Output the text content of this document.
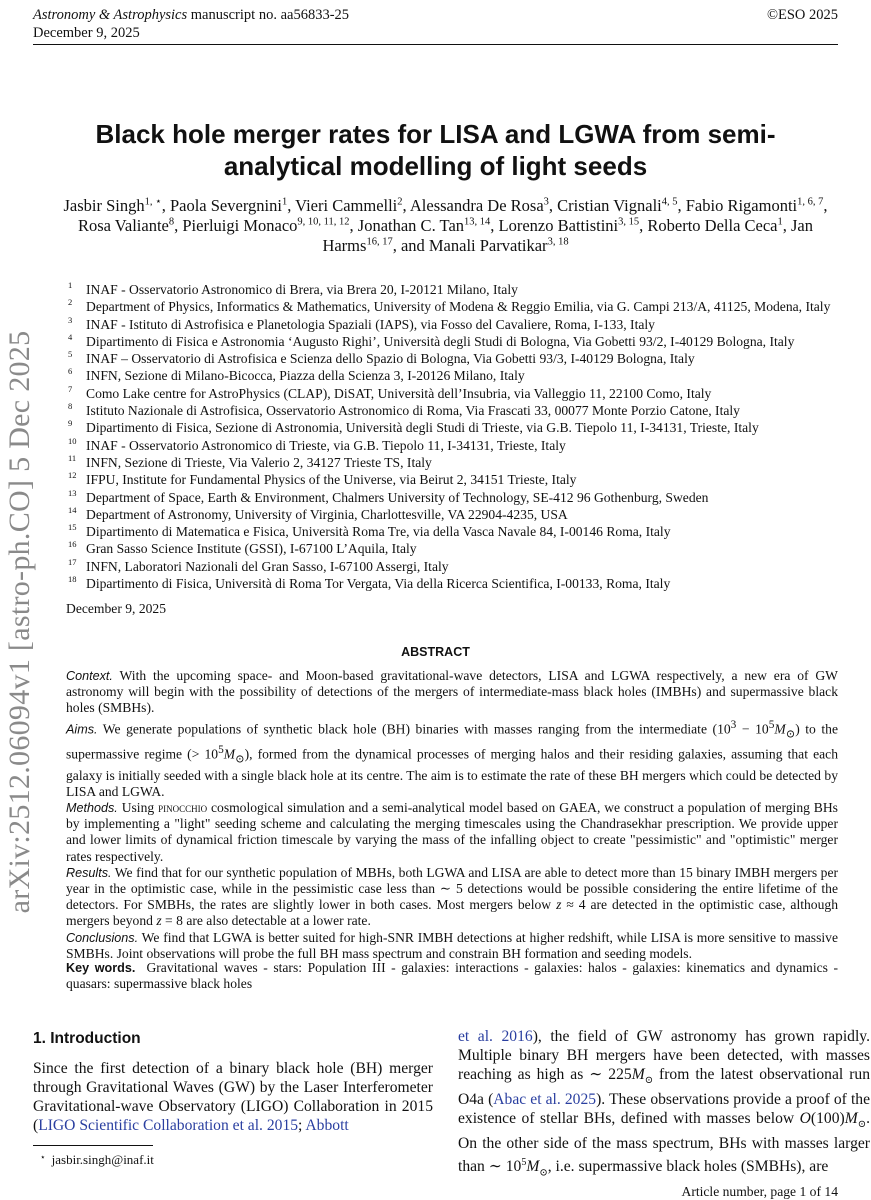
Astronomy & Astrophysics manuscript no. aa56833-25
December 9, 2025
©ESO 2025
arXiv:2512.06094v1 [astro-ph.CO] 5 Dec 2025
Black hole merger rates for LISA and LGWA from semi-analytical modelling of light seeds
Jasbir Singh$^{1, ⋆}$, Paola Severgnini$^1$, Vieri Cammelli$^2$, Alessandra De Rosa$^3$, Cristian Vignali$^{4, 5}$, Fabio Rigamonti$^{1, 6, 7}$, Rosa Valiante$^8$, Pierluigi Monaco$^{9, 10, 11, 12}$, Jonathan C. Tan$^{13, 14}$, Lorenzo Battistini$^{3, 15}$, Roberto Della Ceca$^1$, Jan Harms$^{16, 17}$, and Manali Parvatikar$^{3, 18}$
1 INAF - Osservatorio Astronomico di Brera, via Brera 20, I-20121 Milano, Italy
2 Department of Physics, Informatics & Mathematics, University of Modena & Reggio Emilia, via G. Campi 213/A, 41125, Modena, Italy
3 INAF - Istituto di Astrofisica e Planetologia Spaziali (IAPS), via Fosso del Cavaliere, Roma, I-133, Italy
4 Dipartimento di Fisica e Astronomia ‘Augusto Righi’, Università degli Studi di Bologna, Via Gobetti 93/2, I-40129 Bologna, Italy
5 INAF – Osservatorio di Astrofisica e Scienza dello Spazio di Bologna, Via Gobetti 93/3, I-40129 Bologna, Italy
6 INFN, Sezione di Milano-Bicocca, Piazza della Scienza 3, I-20126 Milano, Italy
7 Como Lake centre for AstroPhysics (CLAP), DiSAT, Università dell’Insubria, via Valleggio 11, 22100 Como, Italy
8 Istituto Nazionale di Astrofisica, Osservatorio Astronomico di Roma, Via Frascati 33, 00077 Monte Porzio Catone, Italy
9 Dipartimento di Fisica, Sezione di Astronomia, Università degli Studi di Trieste, via G.B. Tiepolo 11, I-34131, Trieste, Italy
10 INAF - Osservatorio Astronomico di Trieste, via G.B. Tiepolo 11, I-34131, Trieste, Italy
11 INFN, Sezione di Trieste, Via Valerio 2, 34127 Trieste TS, Italy
12 IFPU, Institute for Fundamental Physics of the Universe, via Beirut 2, 34151 Trieste, Italy
13 Department of Space, Earth & Environment, Chalmers University of Technology, SE-412 96 Gothenburg, Sweden
14 Department of Astronomy, University of Virginia, Charlottesville, VA 22904-4235, USA
15 Dipartimento di Matematica e Fisica, Università Roma Tre, via della Vasca Navale 84, I-00146 Roma, Italy
16 Gran Sasso Science Institute (GSSI), I-67100 L’Aquila, Italy
17 INFN, Laboratori Nazionali del Gran Sasso, I-67100 Assergi, Italy
18 Dipartimento di Fisica, Università di Roma Tor Vergata, Via della Ricerca Scientifica, I-00133, Roma, Italy
December 9, 2025
ABSTRACT

Context. With the upcoming space- and Moon-based gravitational-wave detectors, LISA and LGWA respectively, a new era of GW astronomy will begin with the possibility of detections of the mergers of intermediate-mass black holes (IMBHs) and supermassive black holes (SMBHs).

Aims. We generate populations of synthetic black hole (BH) binaries with masses ranging from the intermediate $(10^3 - 10^5M_⊙)$ to the supermassive regime (> $10^5M_⊙$), formed from the dynamical processes of merging halos and their residing galaxies, assuming that each galaxy is initially seeded with a single black hole at its centre. The aim is to estimate the rate of these BH mergers which could be detected by LISA and LGWA.

Methods. Using pinocchio cosmological simulation and a semi-analytical model based on GAEA, we construct a population of merging BHs by implementing a "light" seeding scheme and calculating the merging timescales using the Chandrasekhar prescription. We provide upper and lower limits of dynamical friction timescale by varying the mass of the infalling object to create "pessimistic" and "optimistic" merger rates respectively.

Results. We find that for our synthetic population of MBHs, both LGWA and LISA are able to detect more than 15 binary IMBH mergers per year in the optimistic case, while in the pessimistic case less than ∼ 5 detections would be possible considering the entire lifetime of the detectors. For SMBHs, the rates are slightly lower in both cases. Most mergers below z ≈ 4 are detected in the optimistic case, although mergers beyond z = 8 are also detectable at a lower rate.

Conclusions. We find that LGWA is better suited for high-SNR IMBH detections at higher redshift, while LISA is more sensitive to massive SMBHs. Joint observations will probe the full BH mass spectrum and constrain BH formation and seeding models.

Key words. Gravitational waves - stars: Population III - galaxies: interactions - galaxies: halos - galaxies: kinematics and dynamics - quasars: supermassive black holes
1. Introduction
Since the first detection of a binary black hole (BH) merger through Gravitational Waves (GW) by the Laser Interferometer Gravitational-wave Observatory (LIGO) Collaboration in 2015 (LIGO Scientific Collaboration et al. 2015; Abbott
et al. 2016), the field of GW astronomy has grown rapidly. Multiple binary BH mergers have been detected, with masses reaching as high as ∼ $225M_⊙$ from the latest observational run O4a (Abac et al. 2025). These observations provide a proof of the existence of stellar BHs, defined with masses below $O(100)M_⊙$. On the other side of the mass spectrum, BHs with masses larger than ∼ $10^5M_⊙$, i.e. supermassive black holes (SMBHs), are
⋆ jasbir.singh@inaf.it
Article number, page 1 of 14
